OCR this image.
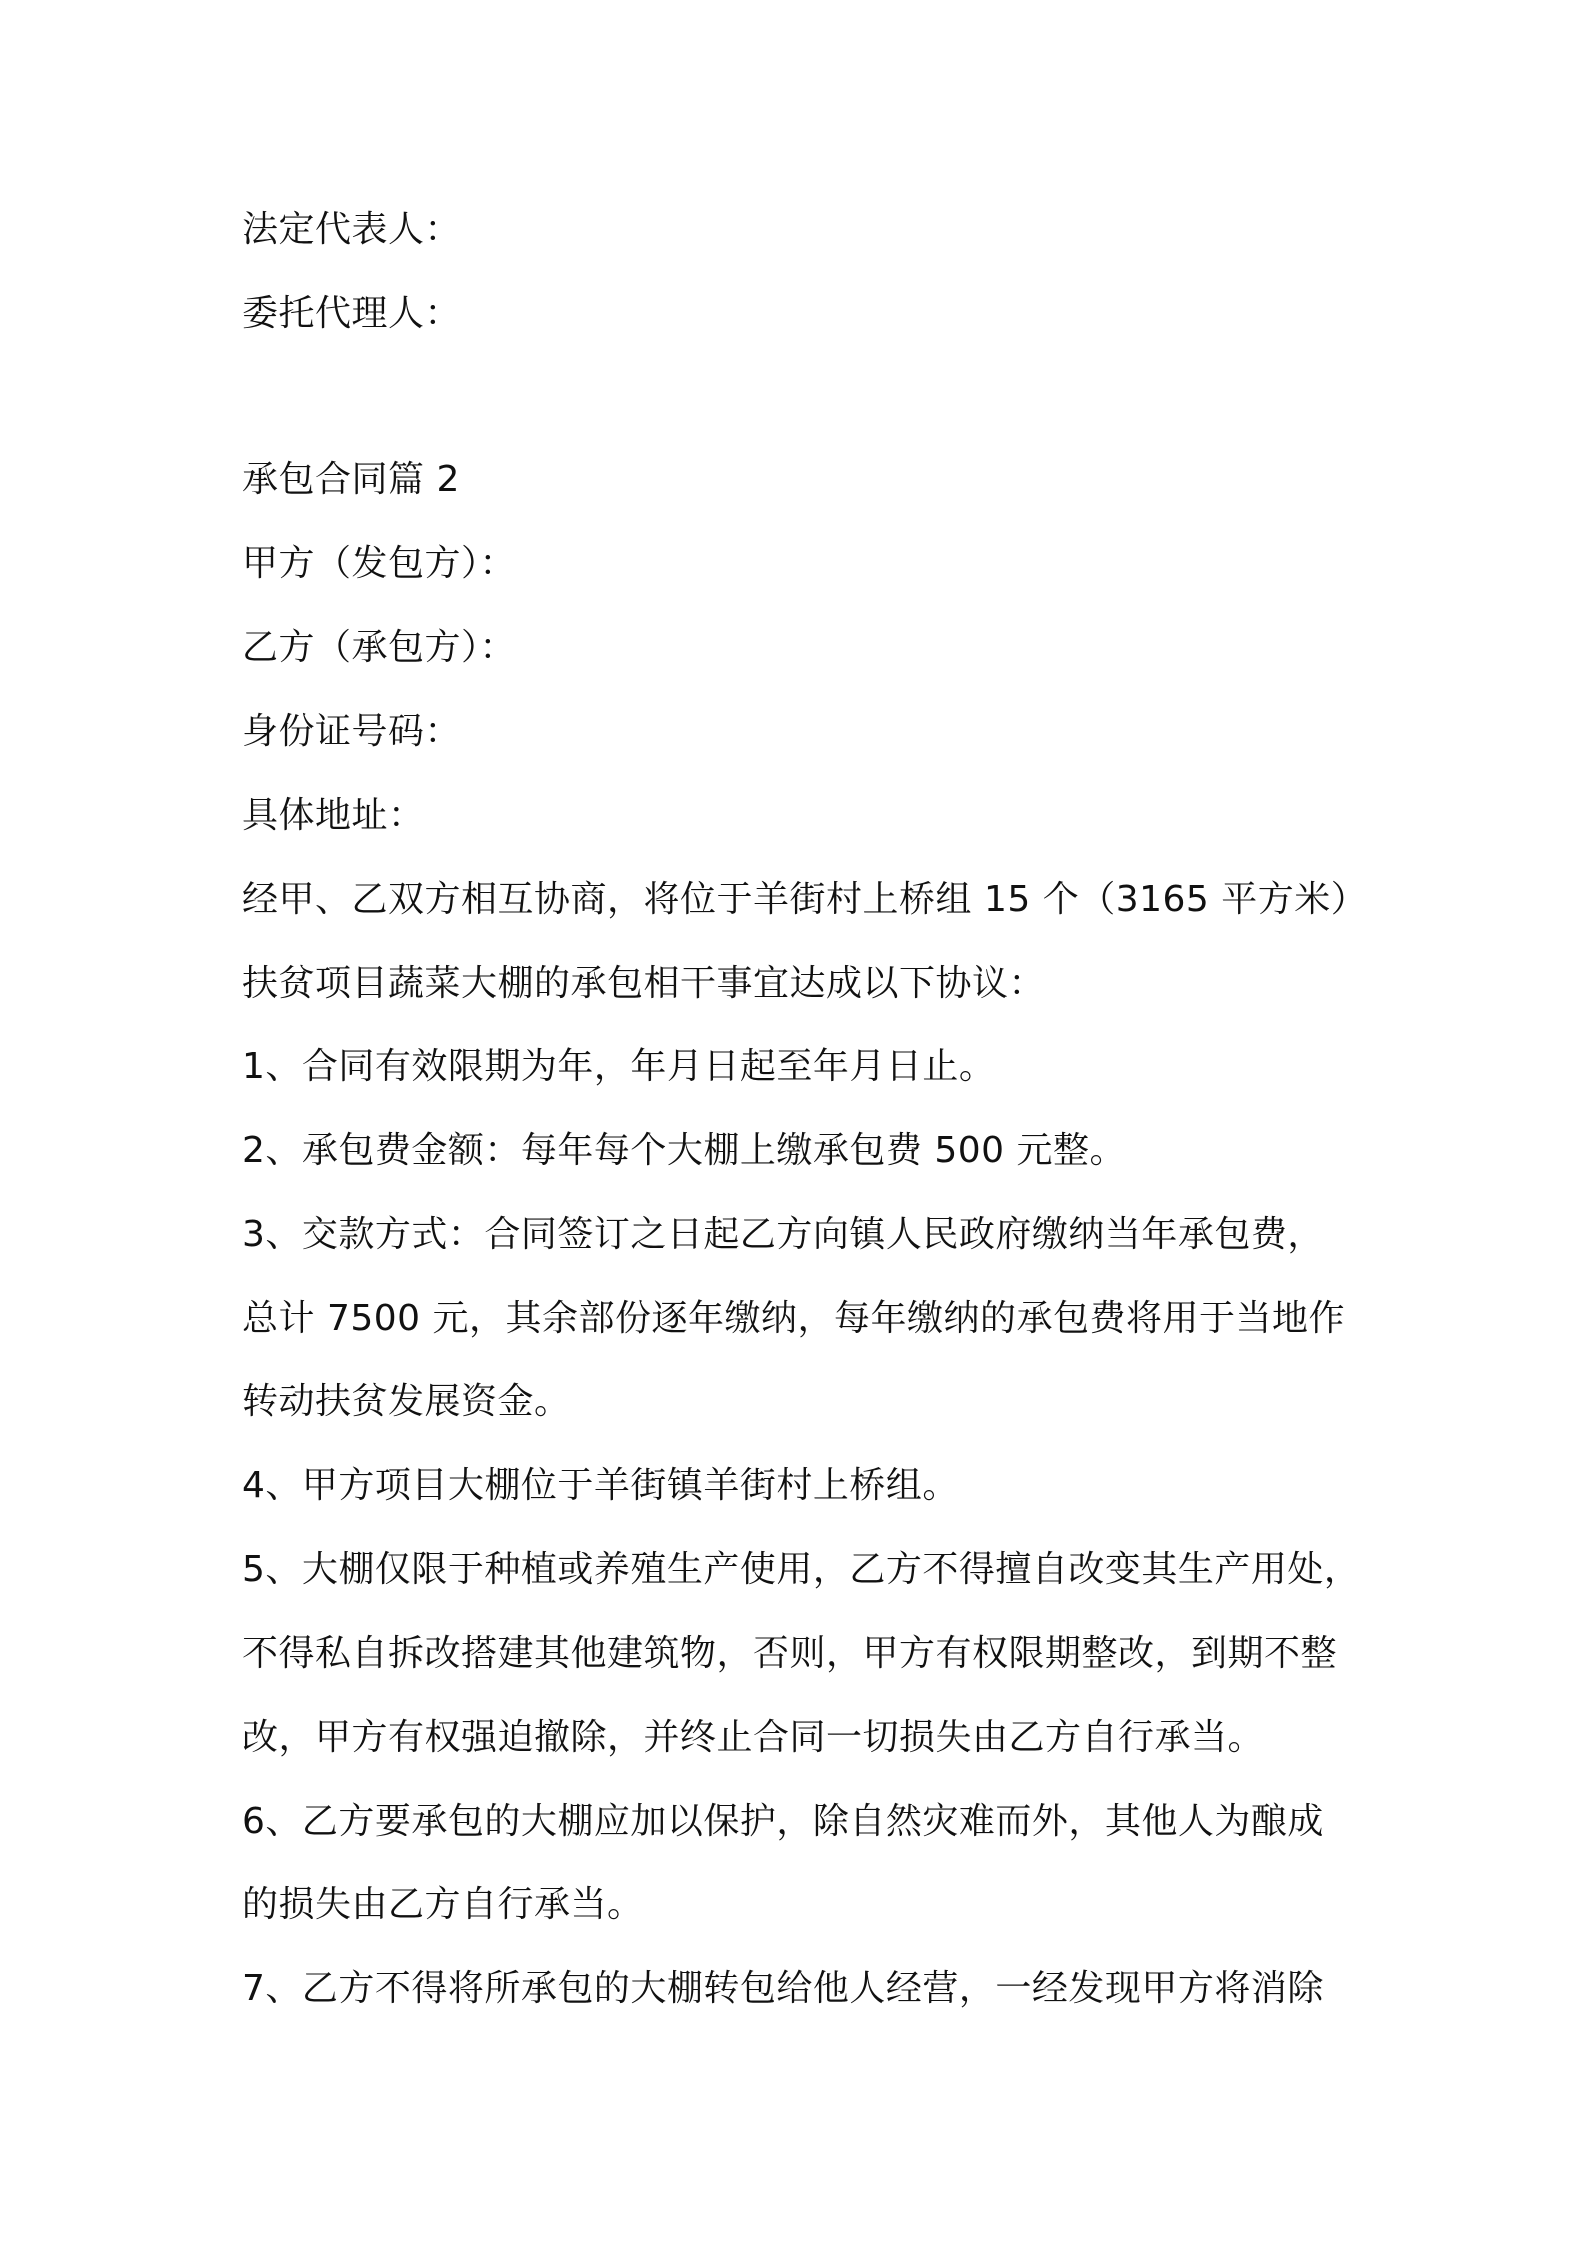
法定代表人：
委托代理人：
承包合同篇 2
甲方（发包方）：
乙方（承包方）：
身份证号码：
具体地址：
经甲、乙双方相互协商，将位于羊街村上桥组 15 个（3165 平方米）
扶贫项目蔬菜大棚的承包相干事宜达成以下协议：
1、合同有效限期为年，年月日起至年月日止。
2、承包费金额：每年每个大棚上缴承包费 500 元整。
3、交款方式：合同签订之日起乙方向镇人民政府缴纳当年承包费，
总计 7500 元，其余部份逐年缴纳，每年缴纳的承包费将用于当地作
转动扶贫发展资金。
4、甲方项目大棚位于羊街镇羊街村上桥组。
5、大棚仅限于种植或养殖生产使用，乙方不得擅自改变其生产用处，
不得私自拆改搭建其他建筑物，否则，甲方有权限期整改，到期不整
改，甲方有权强迫撤除，并终止合同一切损失由乙方自行承当。
6、乙方要承包的大棚应加以保护，除自然灾难而外，其他人为酿成
的损失由乙方自行承当。
7、乙方不得将所承包的大棚转包给他人经营，一经发现甲方将消除
